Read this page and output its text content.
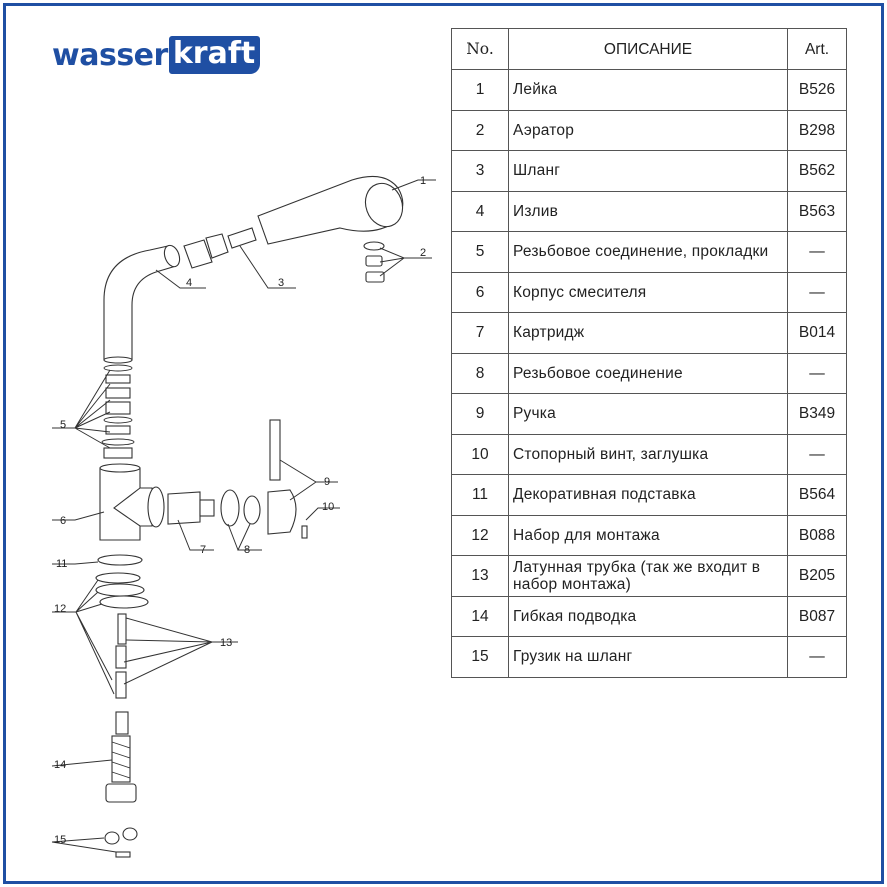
wasser kraft
1
2
3
4
5
6
7	8
9
10
11
12
13
14
15
No.	ОПИСАНИЕ	Art.
1	Лейка	B526
2	Аэратор	B298
3	Шланг	B562
4	Излив	B563
5	Резьбовое соединение, прокладки	—
6	Корпус смесителя	—
7	Картридж	B014
8	Резьбовое соединение	—
9	Ручка	B349
10	Стопорный винт, заглушка	—
11	Декоративная подставка	B564
12	Набор для монтажа	B088
13	Латунная трубка (так же входит в набор монтажа)	B205
14	Гибкая подводка	B087
15	Грузик на шланг	—
